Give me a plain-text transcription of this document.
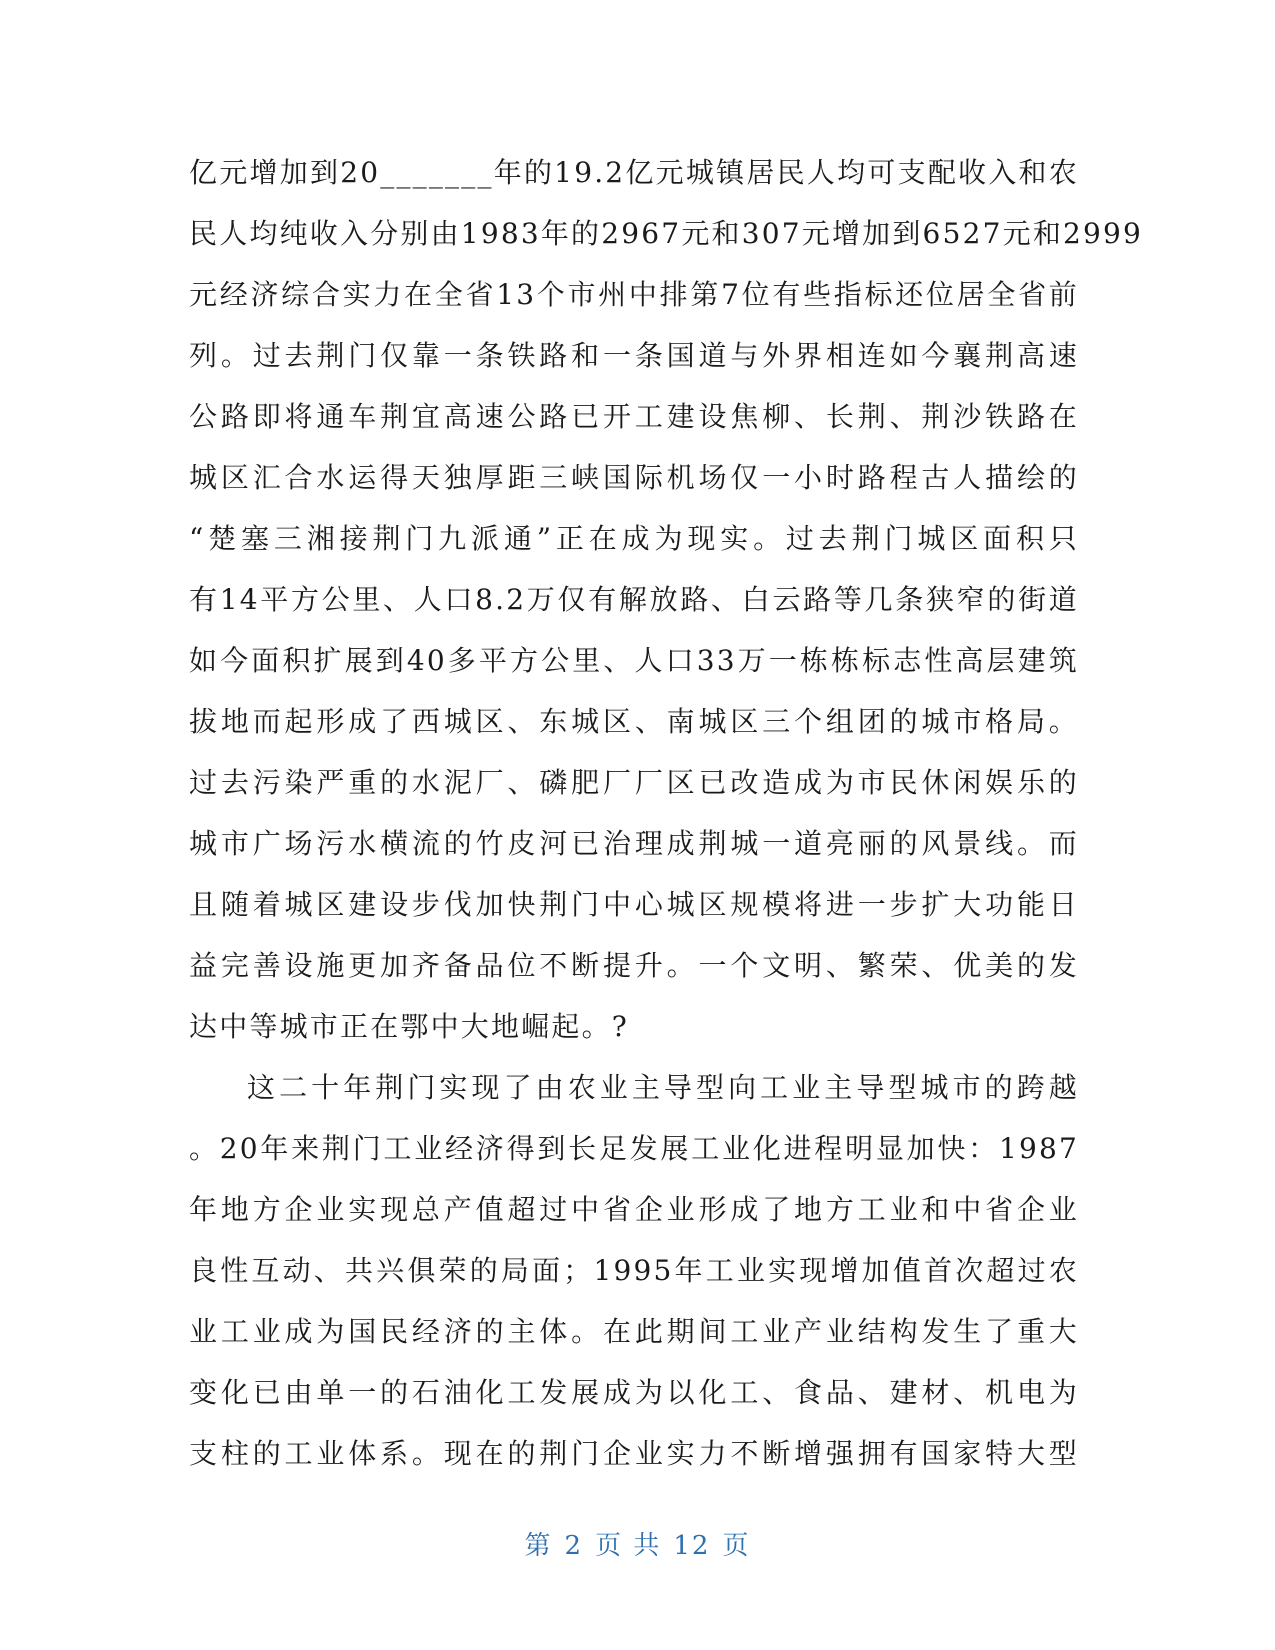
亿元增加到20_______年的19.2亿元城镇居民人均可支配收入和农
民人均纯收入分别由1983年的2967元和307元增加到6527元和2999
元经济综合实力在全省13个市州中排第7位有些指标还位居全省前
列。过去荆门仅靠一条铁路和一条国道与外界相连如今襄荆高速
公路即将通车荆宜高速公路已开工建设焦柳、长荆、荆沙铁路在
城区汇合水运得天独厚距三峡国际机场仅一小时路程古人描绘的
“楚塞三湘接荆门九派通”正在成为现实。过去荆门城区面积只
有14平方公里、人口8.2万仅有解放路、白云路等几条狭窄的街道
如今面积扩展到40多平方公里、人口33万一栋栋标志性高层建筑
拔地而起形成了西城区、东城区、南城区三个组团的城市格局。
过去污染严重的水泥厂、磷肥厂厂区已改造成为市民休闲娱乐的
城市广场污水横流的竹皮河已治理成荆城一道亮丽的风景线。而
且随着城区建设步伐加快荆门中心城区规模将进一步扩大功能日
益完善设施更加齐备品位不断提升。一个文明、繁荣、优美的发
达中等城市正在鄂中大地崛起。?
这二十年荆门实现了由农业主导型向工业主导型城市的跨越
。20年来荆门工业经济得到长足发展工业化进程明显加快：1987
年地方企业实现总产值超过中省企业形成了地方工业和中省企业
良性互动、共兴俱荣的局面；1995年工业实现增加值首次超过农
业工业成为国民经济的主体。在此期间工业产业结构发生了重大
变化已由单一的石油化工发展成为以化工、食品、建材、机电为
支柱的工业体系。现在的荆门企业实力不断增强拥有国家特大型
第 2 页 共 12 页
